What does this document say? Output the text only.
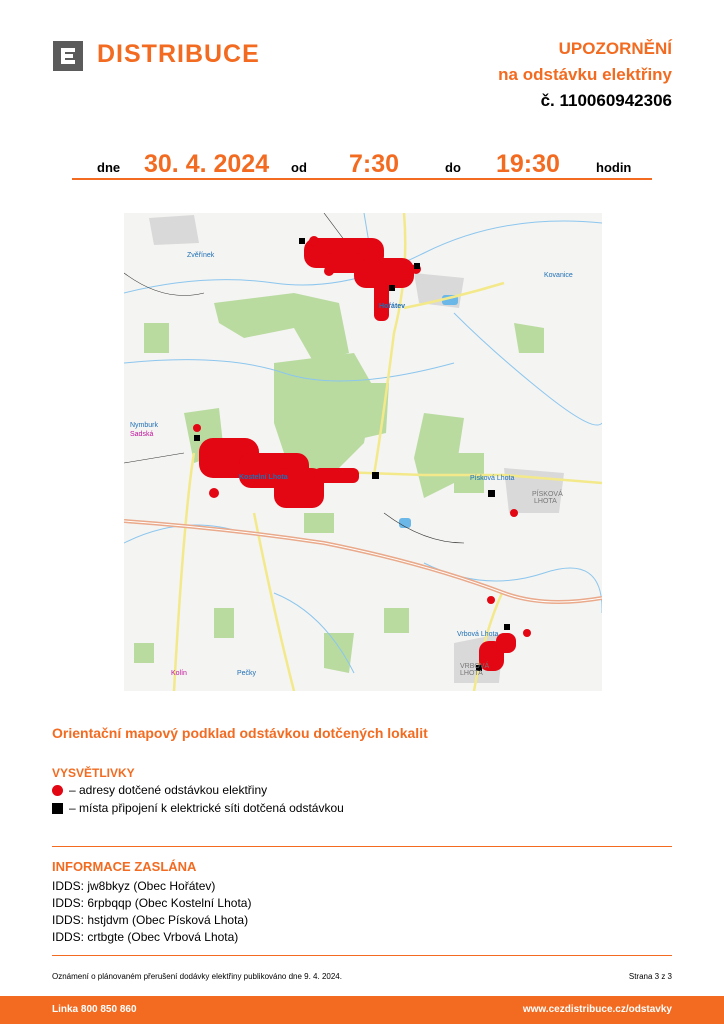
DISTRIBUCE	UPOZORNĚNÍ
na odstávku elektřiny
č. 110060942306
dne 30. 4. 2024 od 7:30	do 19:30	hodin
Zvěřínek
Kovanice
Hořátev
Nymburk
Sadská
Kostelní Lhota	Písková Lhota
PÍSKOVÁ
LHOTA
Vrbová Lhota
VRBOVÁ
LHOTA
Kolín	Pečky
Orientační mapový podklad odstávkou dotčených lokalit
VYSVĚTLIVKY
– adresy dotčené odstávkou elektřiny
– místa připojení k elektrické síti dotčená odstávkou
INFORMACE ZASLÁNA
IDDS: jw8bkyz (Obec Hořátev)
IDDS: 6rpbqqp (Obec Kostelní Lhota)
IDDS: hstjdvm (Obec Písková Lhota)
IDDS: crtbgte (Obec Vrbová Lhota)
Oznámení o plánovaném přerušení dodávky elektřiny publikováno dne 9. 4. 2024.	Strana 3 z 3
Linka 800 850 860	www.cezdistribuce.cz/odstavky
